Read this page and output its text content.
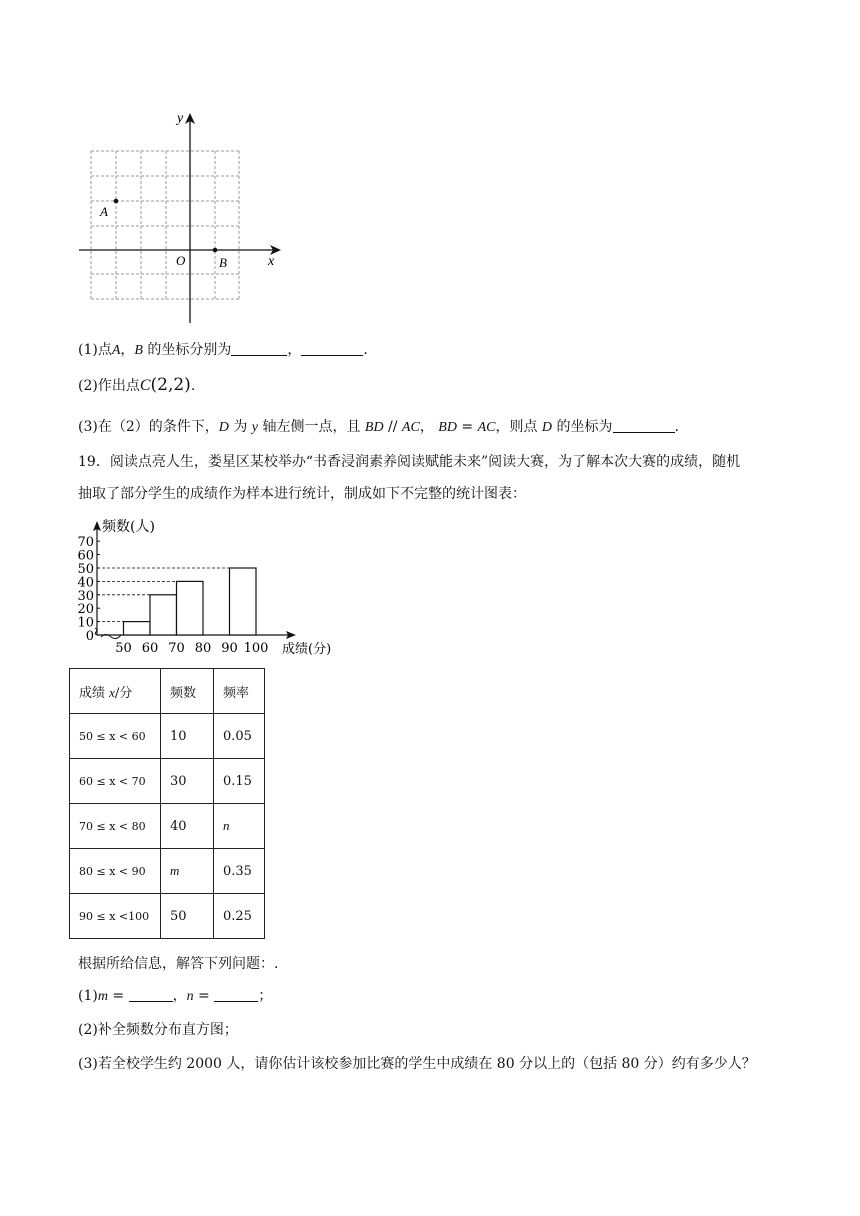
y
x
O
A
B
(1)点A，B 的坐标分别为	，	.
(2)作出点C(2,2).
(3)在（2）的条件下，D 为 y 轴左侧一点，且 BD // AC， BD = AC，则点 D 的坐标为	.
19．阅读点亮人生，娄星区某校举办“书香浸润素养阅读赋能未来”阅读大赛，为了解本次大赛的成绩，随机
抽取了部分学生的成绩作为样本进行统计，制成如下不完整的统计图表：
频数(人)
成绩(分)
0
10
20
30
40
50
60
70
50 60 70 80 90 100
成绩 x/分	频数	频率
50 ≤ x < 60	10	0.05
60 ≤ x < 70	30	0.15
70 ≤ x < 80	40	n
80 ≤ x < 90	m	0.35
90 ≤ x <100	50	0.25
根据所给信息，解答下列问题：.
(1)m =	，n =	；
(2)补全频数分布直方图；
(3)若全校学生约 2000 人，请你估计该校参加比赛的学生中成绩在 80 分以上的（包括 80 分）约有多少人？
